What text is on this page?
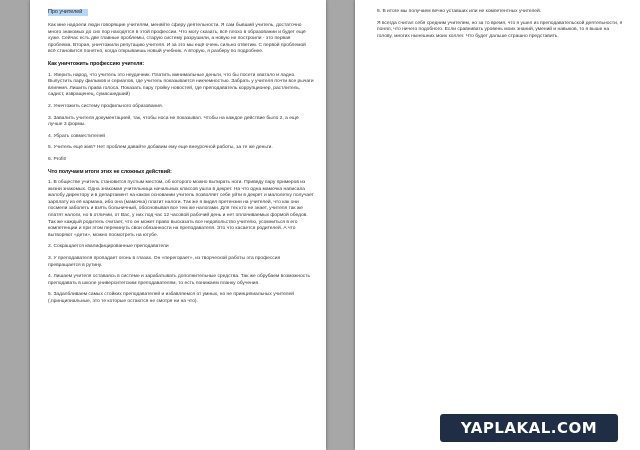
Про учителей
Как мне надоели люди говорящие учителям, меняйте сферу деятельности. Я сам бывший учитель, достаточно много знакомых до сих пор находятся в этой профессии. Что могу сказать, всё плохо в образовании и будет ещё хуже. Сейчас есть две главные проблемы, старую систему разрушили, а новую не построили - это первая проблема. Вторая, уничтожили репутацию учителя. И за это мы ещё очень сильно ответим. С первой проблемой всё становится понятно, когда открываешь новый учебник. А вторую, я разберу по подробнее.
Как уничтожить профессию учителя:
1. Уверить народ, что учитель это неудачник. Платить минимальные деньги, что бы посети хватало и ладно. Выпустить пару фильмов и сериалов, где учитель показывается никчемностью. Забрать у учителя почти все рычаги влияния. Лишить права голоса. Показать пару тройку новостей, где преподаватель коррупционер, растлитель, садист, извращенец, сумасшедший)
2. Уничтожить систему профильного образования.
3. Завалить учителя документацией, так, чтобы носа не показывал. Чтобы на каждое действие было 2, а ещё лучше 3 формы.
4. Убрать совместителей
5. Учитель ещё жив? Нет проблем давайте добавим ему еще внеурочной работы, за те же деньги.
6. Profit!
Что получаем итоги этих не сложных действий:
1. В обществе учитель становится пустым местом, об которого можно вытирать ноги. Приведу пару примеров из жизни знакомых. Одна знакомая учительница начальных классов ушла в декрет. На что одна мамочка написала жалобу директору и в департамент на каком основании учитель позволяет себе уйти в декрет и малолетку получает зарплату из её кармана, ибо она (мамочка) платит налоги. Так же я видел претензии на учителей, что как они посмели заболеть и взять больничный, обосновывая все тем же налогами. Для тех кто не знает, учителя так же платят налоги, но в отличии, от Вас, у них под час 12 часовой рабочий день и нет оплачиваемых формой обедов. Так же каждый родитель считает, что он может право высказать все недовольство учителю, усомниться в его компетенции и при этом перекинуть свои обязанности на преподавателя. Это что касается родителей. А что вытворяют «дети», можно посмотреть на ютубе.
2. Сокращается квалифицированные преподаватели
3. У преподавателя пропадает огонь в глазах. Он «перегорает», из творческой работы эта профессия превращается в рутину.
4. Лишаем учителя оставаясь в системе и зарабатывать дополнительные средства. Так же обрубаем возможность преподавать в школе университетским преподавателям, то есть понижаем планку обучения.
5. Задалбливаем самых стойких преподавателей и избавляемся от умных, но не принципиальных учителей (,принципиальные, это те которые остаются не смотря ни на что).
6. В итоге мы получаем вечно уставших или не компетентных учителей.
Я всегда считал себя средним учителем, но за то время, что я ушел из преподавательской деятельности, я понял, что ничего подобного. Если сравнивать уровень моих знаний, умений и навыков, то я выше на голову, многих нынешних моих коллег. Что будет дальше страшно представить.
YAPLAKAL.COM
